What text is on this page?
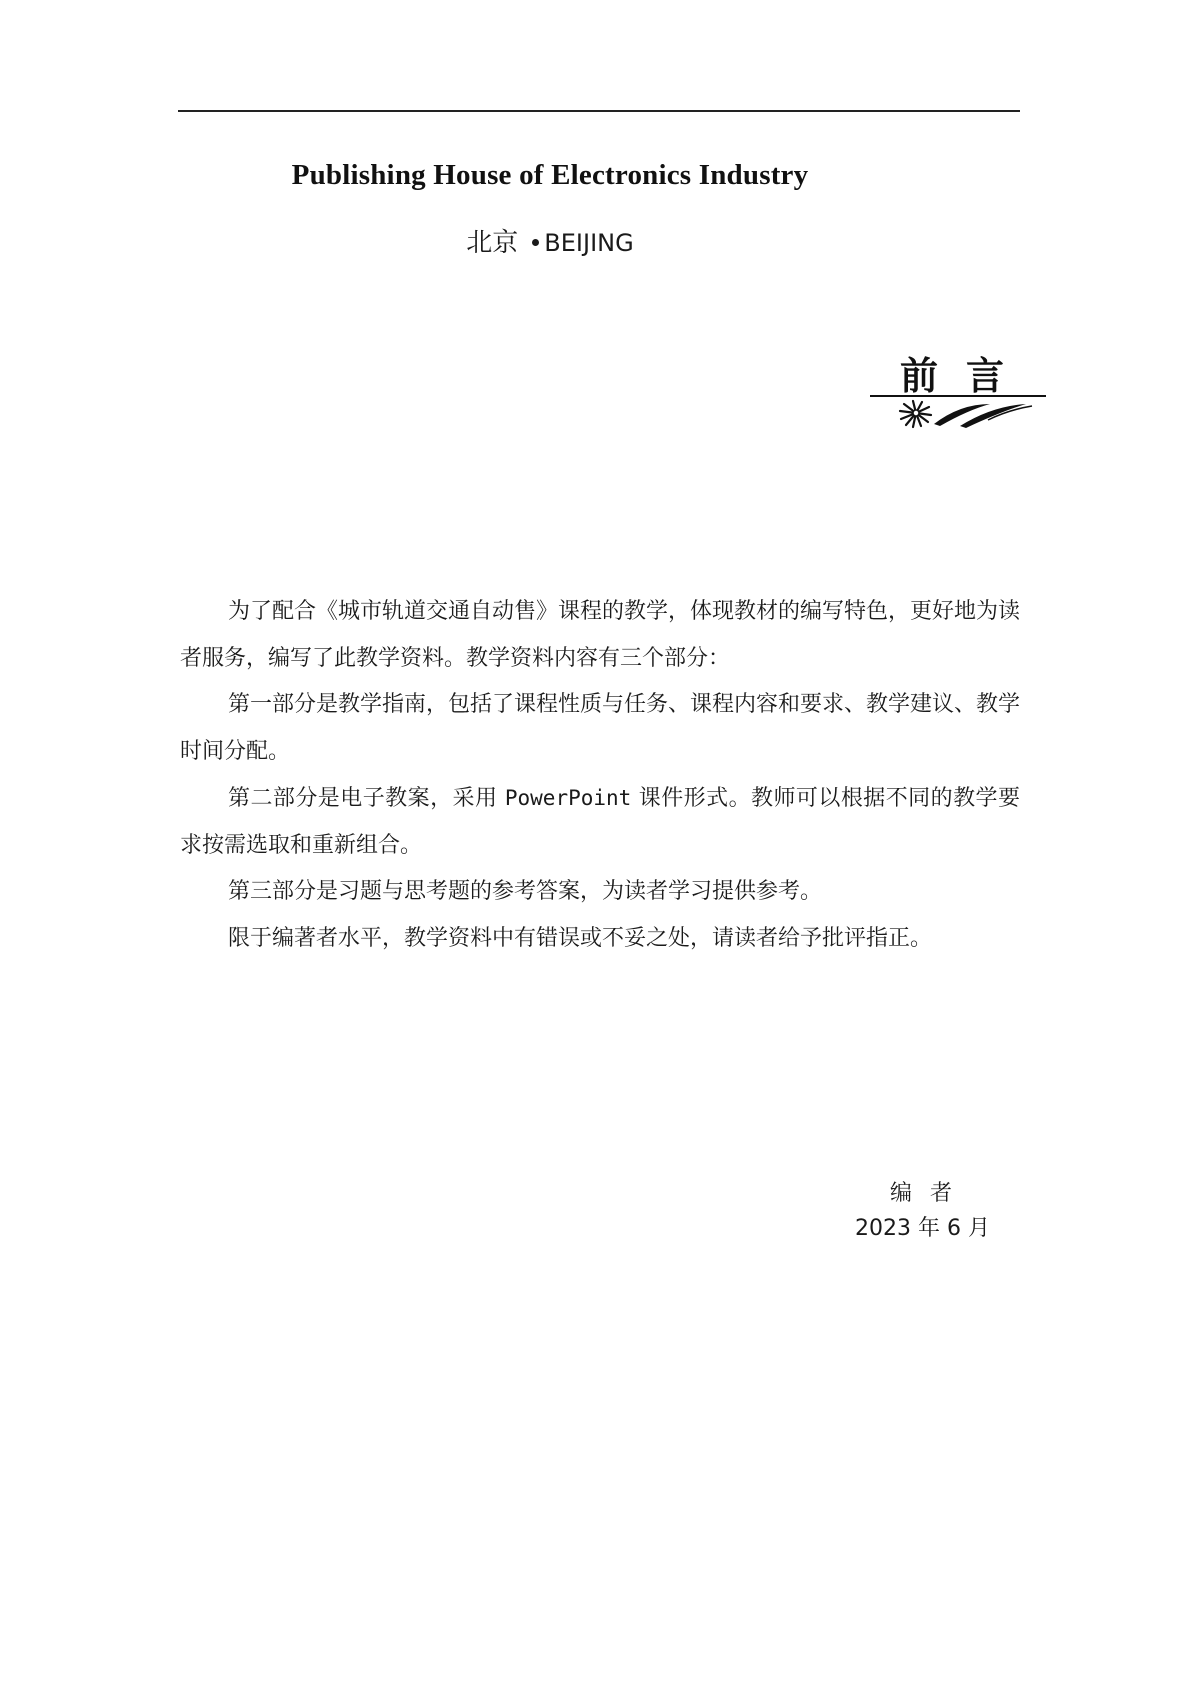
Publishing House of Electronics Industry
北京 BEIJING
前言

为了配合《城市轨道交通自动售》课程的教学，体现教材的编写特色，更好地为读者服务，编写了此教学资料。教学资料内容有三个部分：

第一部分是教学指南，包括了课程性质与任务、课程内容和要求、教学建议、教学时间分配。

第二部分是电子教案，采用 PowerPoint 课件形式。教师可以根据不同的教学要求按需选取和重新组合。

第三部分是习题与思考题的参考答案，为读者学习提供参考。

限于编著者水平，教学资料中有错误或不妥之处，请读者给予批评指正。

编者
2023 年 6 月
